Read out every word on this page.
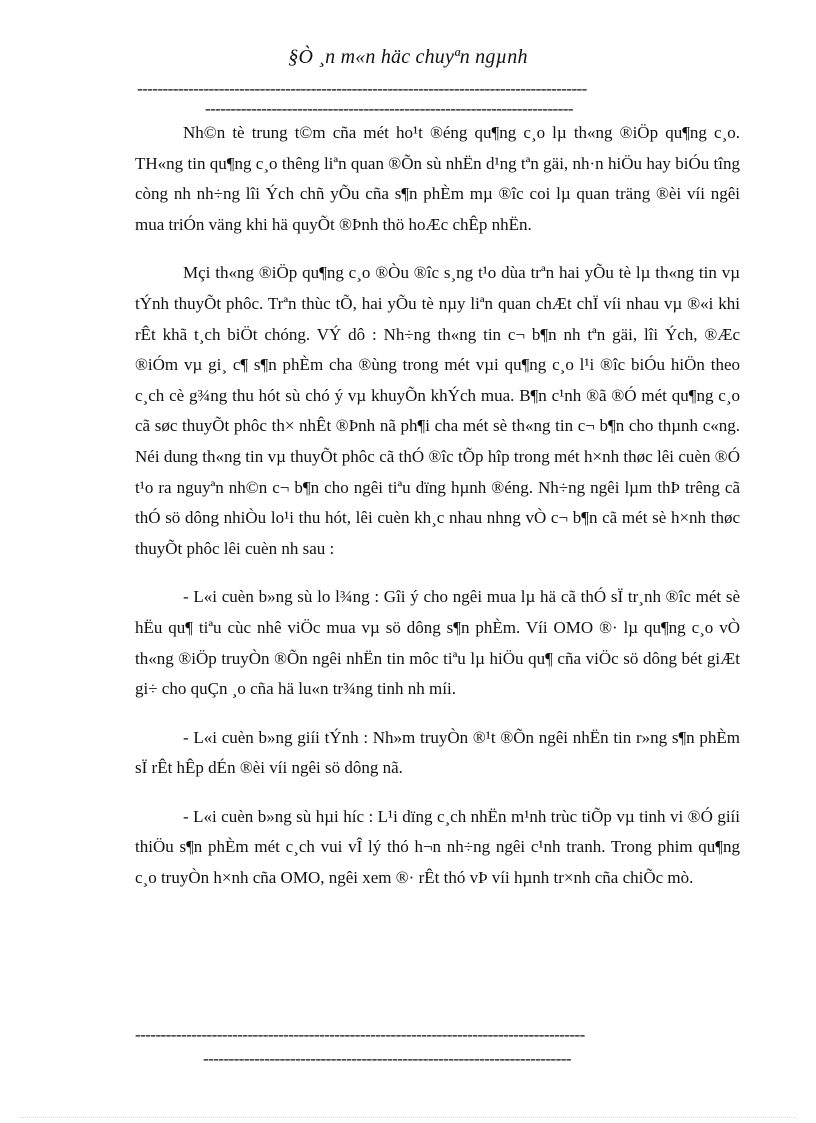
§Ò ¸n m«n häc chuyªn ngµnh
----------------------------------------------------------------------------------------
------------------------------------------------------------------------

Nh©n tè trung t©m cña mét ho¹t ®éng qu¶ng c¸o lµ th«ng ®iÖp qu¶ng c¸o. TH«ng tin qu¶ng c¸o thêng liªn quan ®Õn sù nhËn d¹ng tªn gäi, nh·n hiÖu hay biÓu tîng còng nh nh÷ng lîi Ých chñ yÕu cña s¶n phÈm mµ ®îc coi lµ quan träng ®èi víi ngêi mua triÓn väng khi hä quyÕt ®Þnh thö hoÆc chÊp nhËn.

Mçi th«ng ®iÖp qu¶ng c¸o ®Òu ®îc s¸ng t¹o dùa trªn hai yÕu tè lµ th«ng tin vµ tÝnh thuyÕt phôc. Trªn thùc tÕ, hai yÕu tè nµy liªn quan chÆt chÏ víi nhau vµ ®«i khi rÊt khã t¸ch biÖt chóng. VÝ dô : Nh÷ng th«ng tin c¬ b¶n nh tªn gäi, lîi Ých, ®Æc ®iÓm vµ gi¸ c¶ s¶n phÈm cha ®ùng trong mét vµi qu¶ng c¸o l¹i ®îc biÓu hiÖn theo c¸ch cè g¾ng thu hót sù chó ý vµ khuyÕn khÝch mua. B¶n c¹nh ®ã ®Ó mét qu¶ng c¸o cã søc thuyÕt phôc th× nhÊt ®Þnh nã ph¶i cha mét sè th«ng tin c¬ b¶n cho thµnh c«ng. Néi dung th«ng tin vµ thuyÕt phôc cã thÓ ®îc tÕp hîp trong mét h×nh thøc lêi cuèn ®Ó t¹o ra nguyªn nh©n c¬ b¶n cho ngêi tiªu dïng hµnh ®éng. Nh÷ng ngêi lµm thÞ trêng cã thÓ sö dông nhiÒu lo¹i thu hót, lêi cuèn kh¸c nhau nhng vÒ c¬ b¶n cã mét sè h×nh thøc thuyÕt phôc lêi cuèn nh sau :

- L«i cuèn b»ng sù lo l¾ng : Gîi ý cho ngêi mua lµ hä cã thÓ sÏ tr¸nh ®îc mét sè hËu qu¶ tiªu cùc nhê viÖc mua vµ sö dông s¶n phÈm. Víi OMO ®· lµ qu¶ng c¸o vÒ th«ng ®iÖp truyÒn ®Õn ngêi nhËn tin môc tiªu lµ hiÖu qu¶ cña viÖc sö dông bét giÆt gi÷ cho quÇn ¸o cña hä lu«n tr¾ng tinh nh míi.

- L«i cuèn b»ng giíi tÝnh : Nh»m truyÒn ®¹t ®Õn ngêi nhËn tin r»ng s¶n phÈm sÏ rÊt hÊp dÉn ®èi víi ngêi sö dông nã.

- L«i cuèn b»ng sù hµi híc : L¹i dïng c¸ch nhËn m¹nh trùc tiÕp vµ tinh vi ®Ó giíi thiÖu s¶n phÈm mét c¸ch vui vÎ lý thó h¬n nh÷ng ngêi c¹nh tranh. Trong phim qu¶ng c¸o truyÒn h×nh cña OMO, ngêi xem ®· rÊt thó vÞ víi hµnh tr×nh cña chiÕc mò.

----------------------------------------------------------------------------------------
------------------------------------------------------------------------
